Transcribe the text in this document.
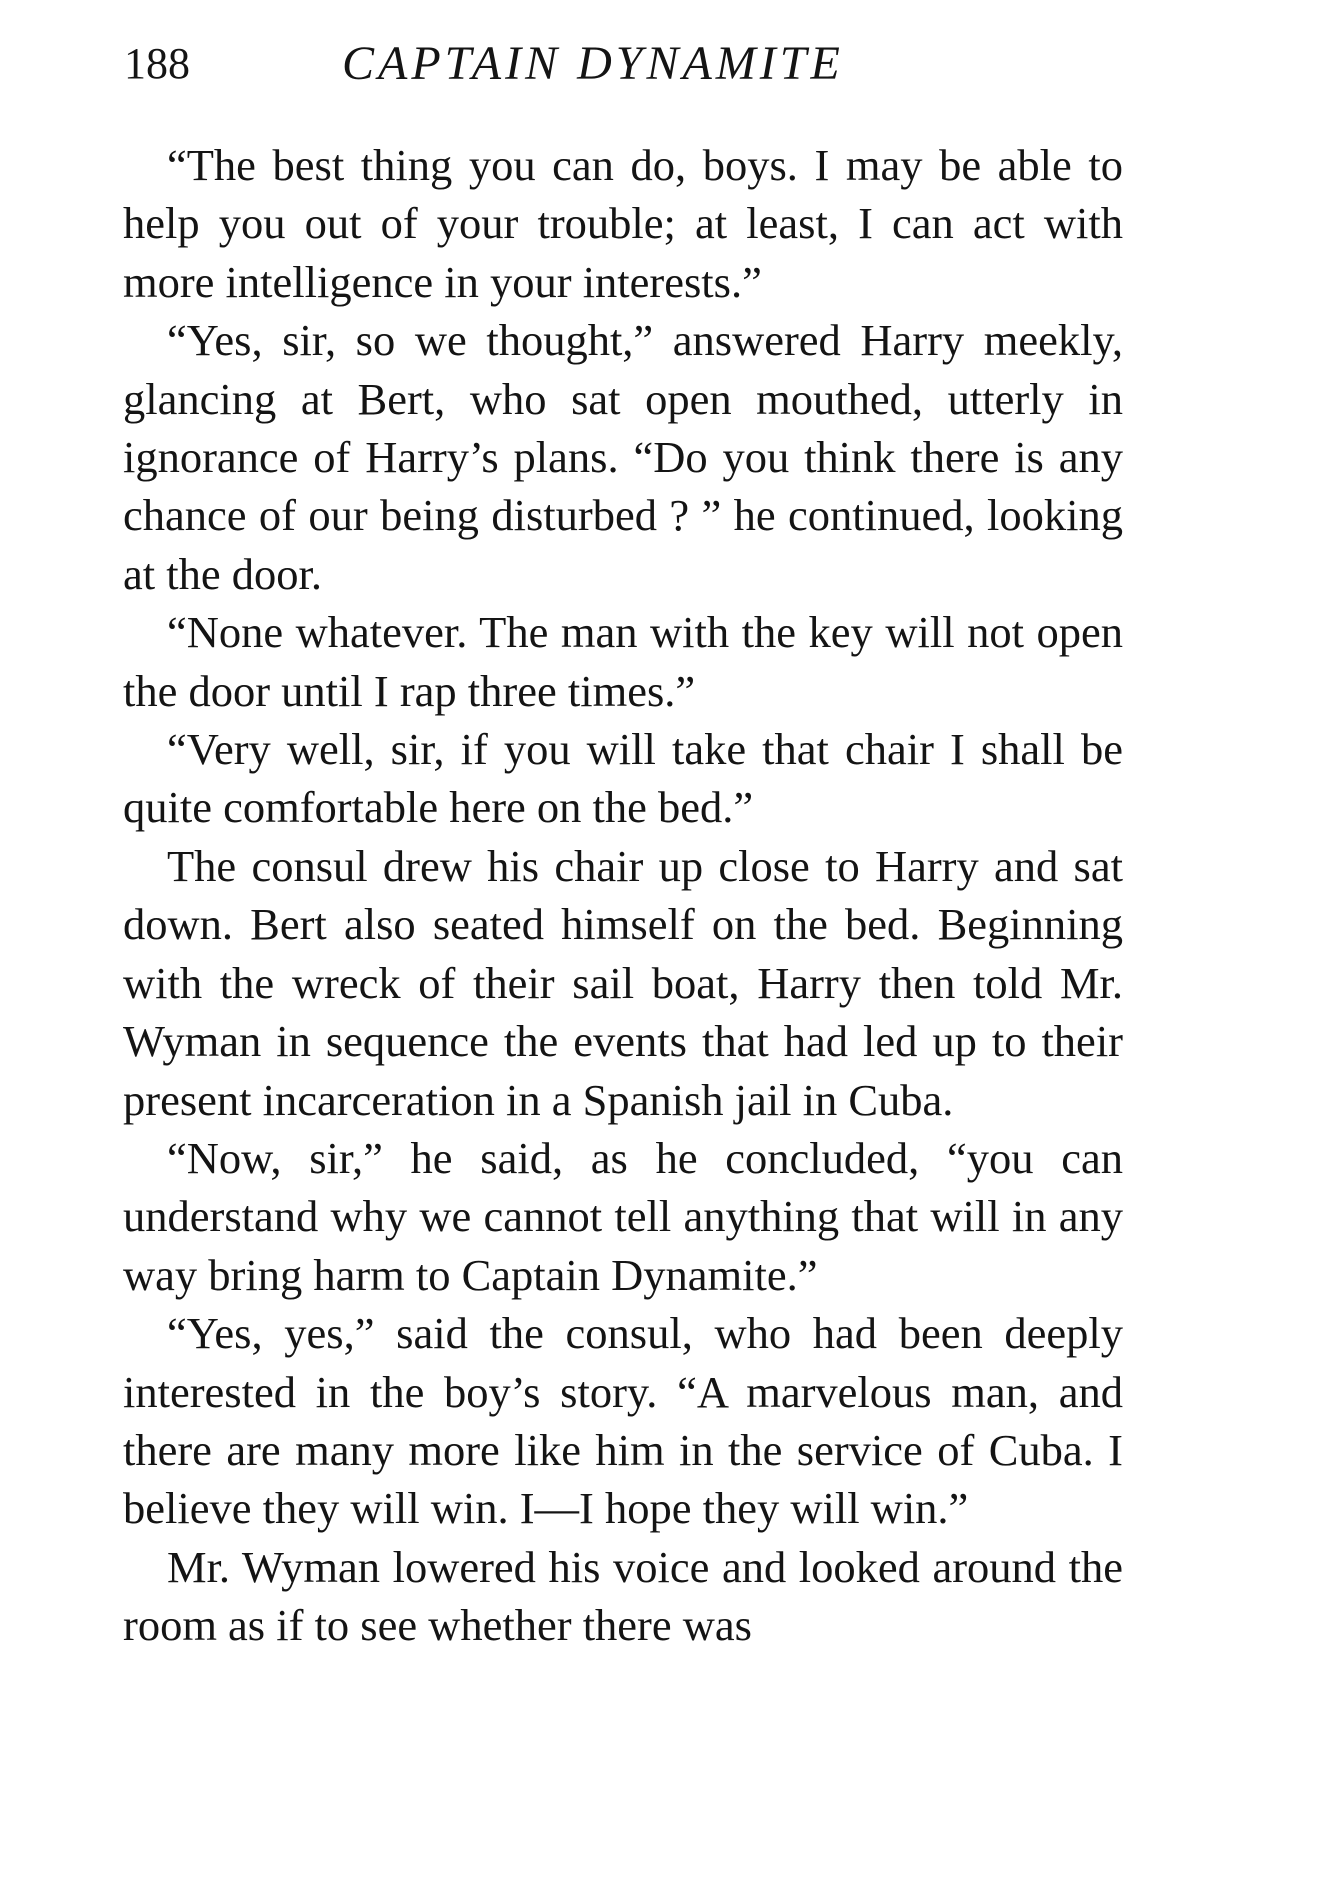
188	CAPTAIN DYNAMITE

“The best thing you can do, boys. I may be able to help you out of your trouble; at least, I can act with more intelligence in your interests.”

“Yes, sir, so we thought,” answered Harry meekly, glancing at Bert, who sat open mouthed, utterly in ignorance of Harry’s plans. “Do you think there is any chance of our being disturbed ? ” he continued, looking at the door.

“None whatever. The man with the key will not open the door until I rap three times.”

“Very well, sir, if you will take that chair I shall be quite comfortable here on the bed.”

The consul drew his chair up close to Harry and sat down. Bert also seated himself on the bed. Beginning with the wreck of their sail boat, Harry then told Mr. Wyman in sequence the events that had led up to their present incarceration in a Spanish jail in Cuba.

“Now, sir,” he said, as he concluded, “you can understand why we cannot tell anything that will in any way bring harm to Captain Dynamite.”

“Yes, yes,” said the consul, who had been deeply interested in the boy’s story. “A marvelous man, and there are many more like him in the service of Cuba. I believe they will win. I—I hope they will win.”

Mr. Wyman lowered his voice and looked around the room as if to see whether there was
